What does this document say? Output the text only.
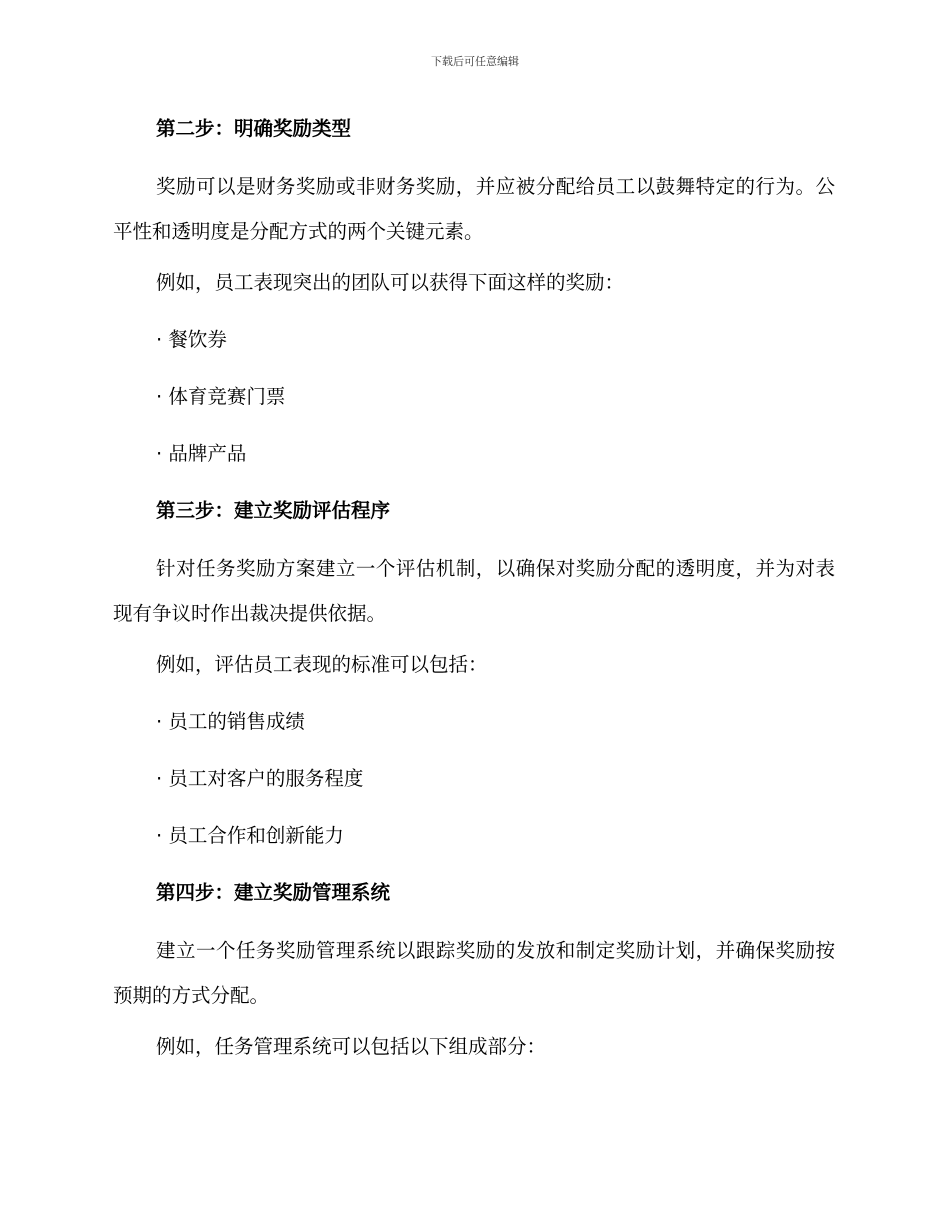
下载后可任意编辑
第二步：明确奖励类型
奖励可以是财务奖励或非财务奖励，并应被分配给员工以鼓舞特定的行为。公平性和透明度是分配方式的两个关键元素。
例如，员工表现突出的团队可以获得下面这样的奖励：
· 餐饮券
· 体育竞赛门票
· 品牌产品
第三步：建立奖励评估程序
针对任务奖励方案建立一个评估机制，以确保对奖励分配的透明度，并为对表现有争议时作出裁决提供依据。
例如，评估员工表现的标准可以包括：
· 员工的销售成绩
· 员工对客户的服务程度
· 员工合作和创新能力
第四步：建立奖励管理系统
建立一个任务奖励管理系统以跟踪奖励的发放和制定奖励计划，并确保奖励按预期的方式分配。
例如，任务管理系统可以包括以下组成部分：
